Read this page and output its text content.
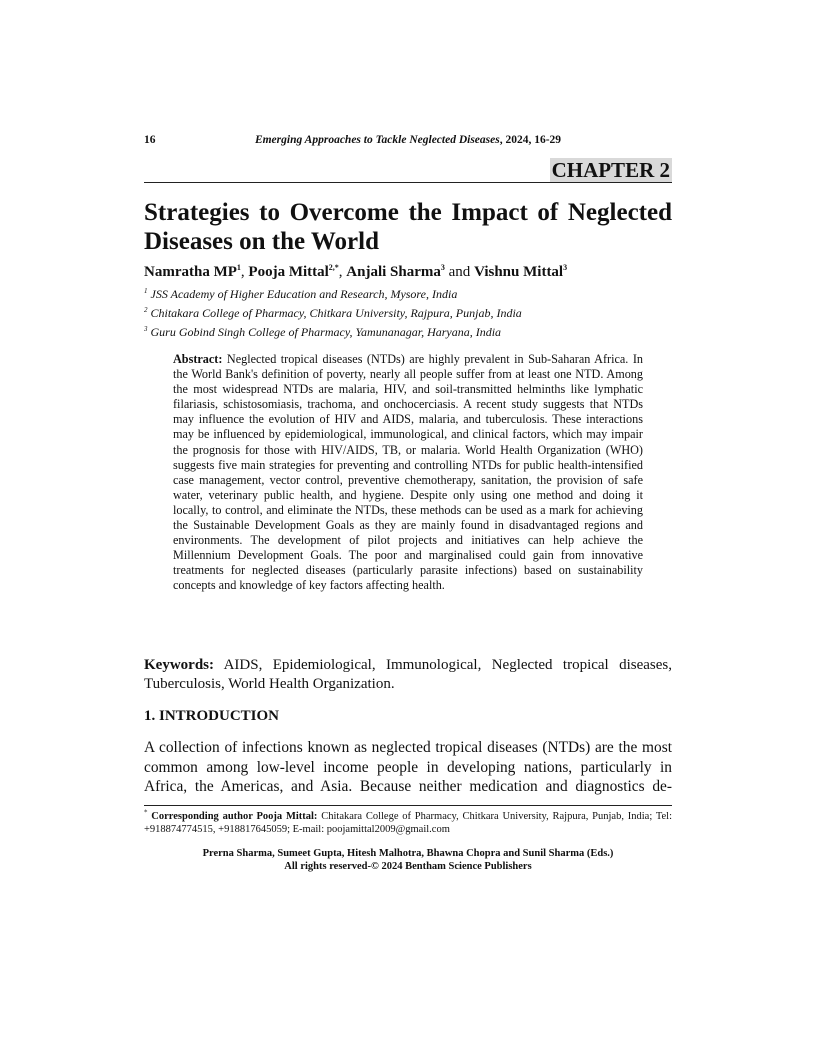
16	Emerging Approaches to Tackle Neglected Diseases, 2024, 16-29
CHAPTER 2
Strategies to Overcome the Impact of Neglected Diseases on the World
Namratha $MP^1$, Pooja Mittal$^{2,*}$, Anjali Sharma$^3$ and Vishnu Mittal$^3$
$^1$ JSS Academy of Higher Education and Research, Mysore, India
$^2$ Chitakara College of Pharmacy, Chitkara University, Rajpura, Punjab, India
$^3$ Guru Gobind Singh College of Pharmacy, Yamunanagar, Haryana, India
Abstract: Neglected tropical diseases (NTDs) are highly prevalent in Sub-Saharan Africa. In the World Bank's definition of poverty, nearly all people suffer from at least one NTD. Among the most widespread NTDs are malaria, HIV, and soil-transmitted helminths like lymphatic filariasis, schistosomiasis, trachoma, and onchocerciasis. A recent study suggests that NTDs may influence the evolution of HIV and AIDS, malaria, and tuberculosis. These interactions may be influenced by epidemiological, immunological, and clinical factors, which may impair the prognosis for those with HIV/AIDS, TB, or malaria. World Health Organization (WHO) suggests five main strategies for preventing and controlling NTDs for public health-intensified case management, vector control, preventive chemotherapy, sanitation, the provision of safe water, veterinary public health, and hygiene. Despite only using one method and doing it locally, to control, and eliminate the NTDs, these methods can be used as a mark for achieving the Sustainable Development Goals as they are mainly found in disadvantaged regions and environments. The development of pilot projects and initiatives can help achieve the Millennium Development Goals. The poor and marginalised could gain from innovative treatments for neglected diseases (particularly parasite infections) based on sustainability concepts and knowledge of key factors affecting health.
Keywords: AIDS, Epidemiological, Immunological, Neglected tropical diseases, Tuberculosis, World Health Organization.
1. INTRODUCTION
A collection of infections known as neglected tropical diseases (NTDs) are the most common among low-level income people in developing nations, particularly in Africa, the Americas, and Asia. Because neither medication and diagnostics de-
* Corresponding author Pooja Mittal: Chitakara College of Pharmacy, Chitkara University, Rajpura, Punjab, India; Tel: +918874774515, +918817645059; E-mail: poojamittal2009@gmail.com
Prerna Sharma, Sumeet Gupta, Hitesh Malhotra, Bhawna Chopra and Sunil Sharma (Eds.)
All rights reserved-© 2024 Bentham Science Publishers
